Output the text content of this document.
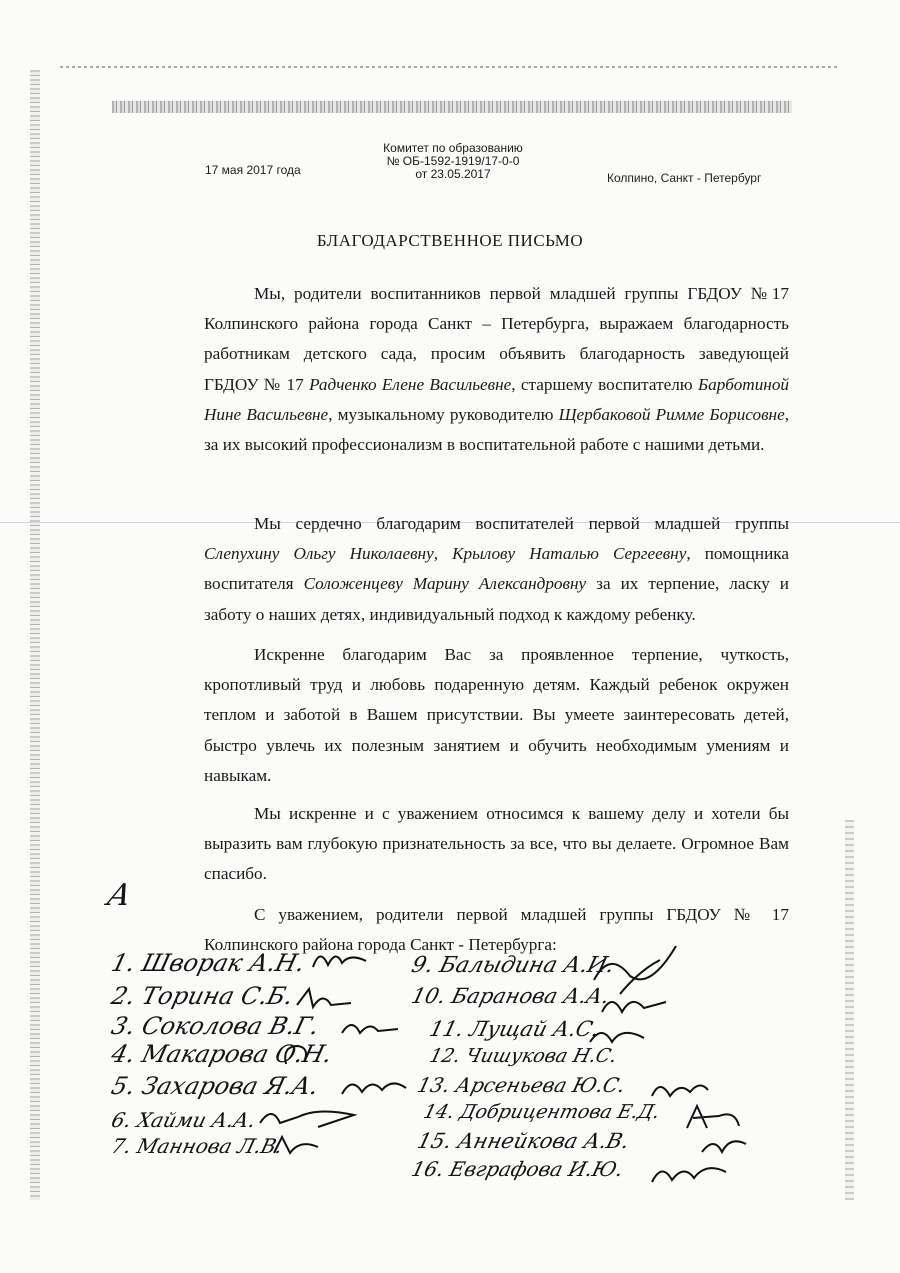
17 мая 2017 года
Комитет по образованию
№ ОБ-1592-1919/17-0-0
от 23.05.2017	Колпино, Санкт - Петербург
БЛАГОДАРСТВЕННОЕ ПИСЬМО
Мы, родители воспитанников первой младшей группы ГБДОУ №17 Колпинского района города Санкт – Петербурга, выражаем благодарность работникам детского сада, просим объявить благодарность заведующей ГБДОУ № 17 Радченко Елене Васильевне, старшему воспитателю Барботиной Нине Васильевне, музыкальному руководителю Щербаковой Римме Борисовне, за их высокий профессионализм в воспитательной работе с нашими детьми.
Мы сердечно благодарим воспитателей первой младшей группы Слепухину Ольгу Николаевну, Крылову Наталью Сергеевну, помощника воспитателя Соложенцеву Марину Александровну за их терпение, ласку и заботу о наших детях, индивидуальный подход к каждому ребенку.
Искренне благодарим Вас за проявленное терпение, чуткость, кропотливый труд и любовь подаренную детям. Каждый ребенок окружен теплом и заботой в Вашем присутствии. Вы умеете заинтересовать детей, быстро увлечь их полезным занятием и обучить необходимым умениям и навыкам.
Мы искренне и с уважением относимся к вашему делу и хотели бы выразить вам глубокую признательность за все, что вы делаете. Огромное Вам спасибо.
С уважением, родители первой младшей группы ГБДОУ № 17 Колпинского района города Санкт - Петербурга:
А
1. Шворак А.Н.
2. Торина С.Б.
3. Соколова В.Г.
4. Макарова О.Н.
5. Захарова Я.А.
6. Хайми А.А.
7. Маннова Л.В.
9. Балыдина А.И.
10. Баранова А.А.
11. Лущай А.С.
12. Чишукова Н.С.
13. Арсеньева Ю.С.
14. Добрицентова Е.Д.
15. Аннейкова А.В.
16. Евграфова И.Ю.
